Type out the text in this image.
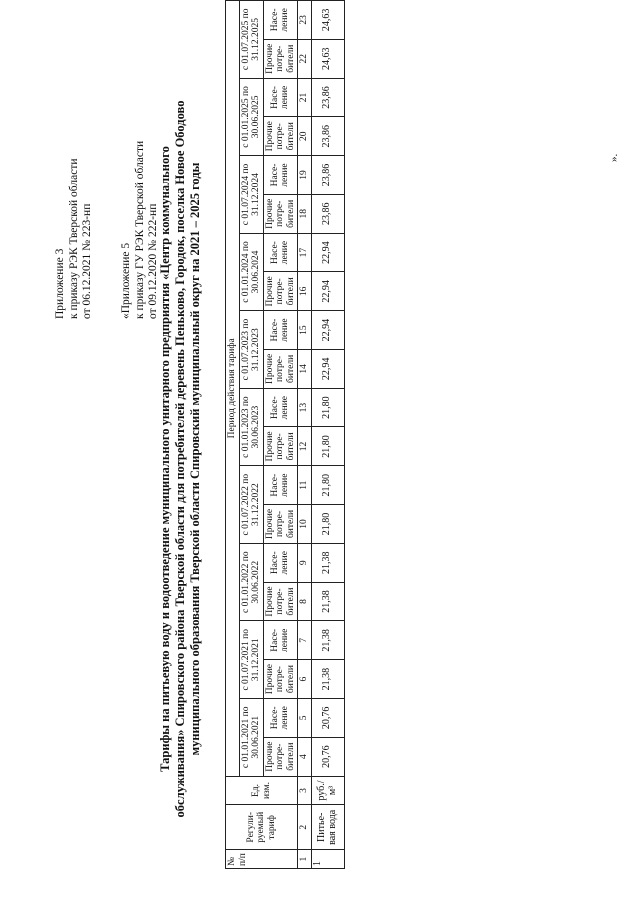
Приложение 3 к приказу РЭК Тверской области от 06.12.2021 № 223-нп «Приложение 5 к приказу ГУ РЭК Тверской области от 09.12.2020 № 222-нп Тарифы на питьевую воду и водоотведение муниципального унитарного предприятия «Центр коммунального обслуживания» Спировского района Тверской области для потребителей деревень Пеньково, Городок, поселка Новое Ободово муниципального образования Тверской области Спировский муниципальный округ на 2021 – 2025 годы
№ п/п	Регули-руемый тариф	Ед. изм.	Период действия тарифа																			
			с 01.01.2021 по 30.06.2021		с 01.07.2021 по 31.12.2021		с 01.01.2022 по 30.06.2022		с 01.07.2022 по 31.12.2022		с 01.01.2023 по 30.06.2023		с 01.07.2023 по 31.12.2023		с 01.01.2024 по 30.06.2024		с 01.07.2024 по 31.12.2024		с 01.01.2025 по 30.06.2025		с 01.07.2025 по 31.12.2025	
			Прочие потре-бители	Насе-ление	Прочие потре-бители	Насе-ление	Прочие потре-бители	Насе-ление	Прочие потре-бители	Насе-ление	Прочие потре-бители	Насе-ление	Прочие потре-бители	Насе-ление	Прочие потре-бители	Насе-ление	Прочие потре-бители	Насе-ление	Прочие потре-бители	Насе-ление	Прочие потре-бители	Насе-ление
1	2	3	4	5	6	7	8	9	10	11	12	13	14	15	16	17	18	19	20	21	22	23
1	Питье-вая вода	руб./м³	20,76	20,76	21,38	21,38	21,38	21,38	21,80	21,80	21,80	21,80	22,94	22,94	22,94	22,94	23,86	23,86	23,86	23,86	24,63	24,63
».
